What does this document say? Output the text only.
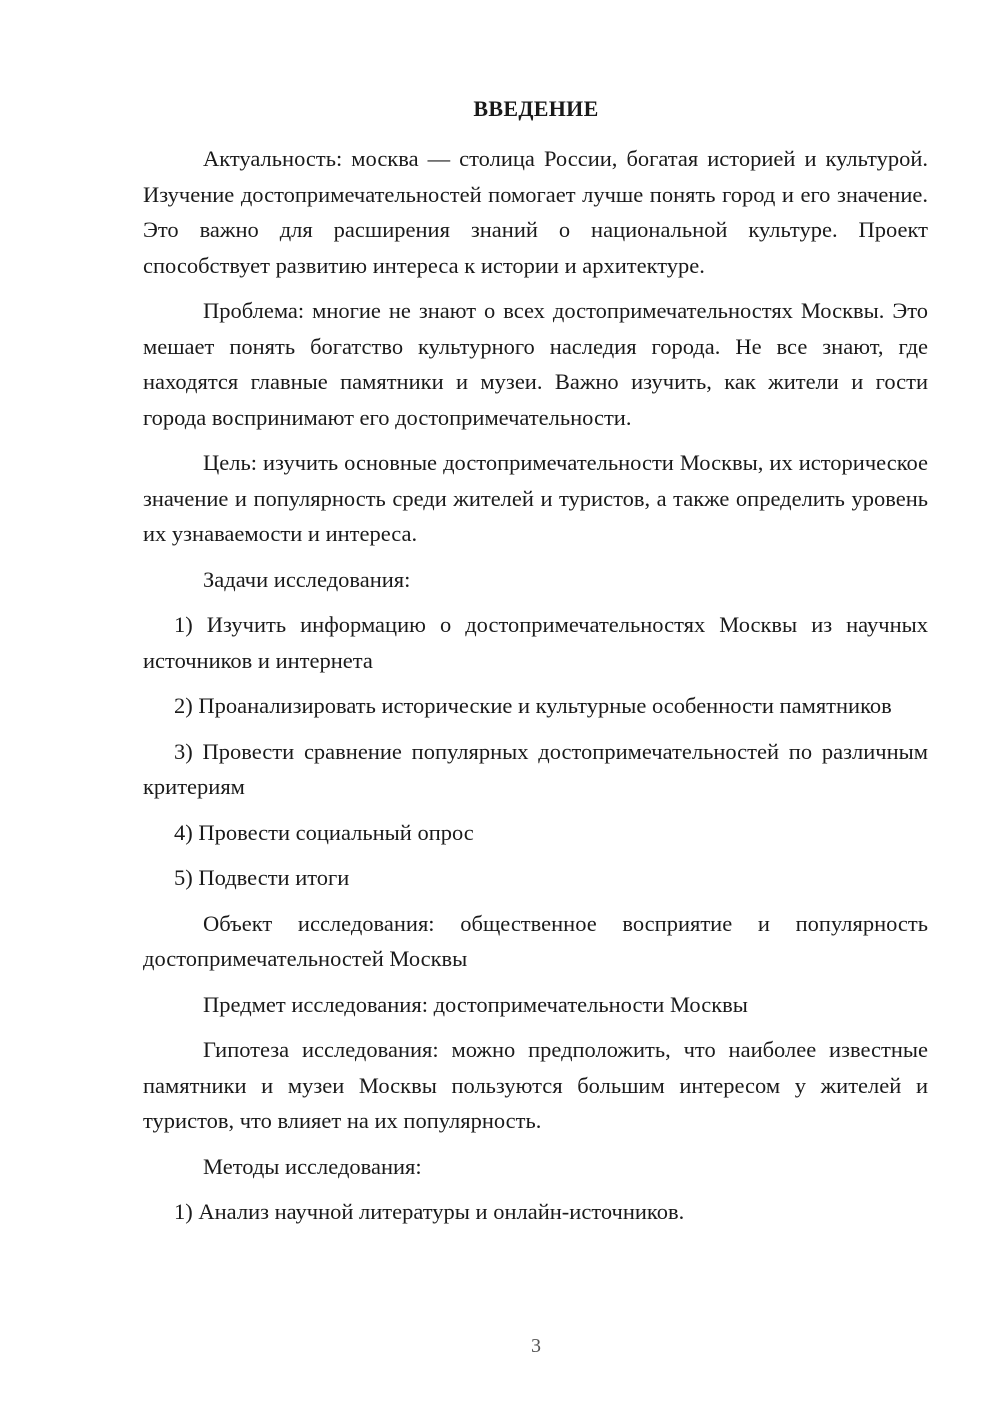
ВВЕДЕНИЕ

Актуальность: москва — столица России, богатая историей и культурой. Изучение достопримечательностей помогает лучше понять город и его значение. Это важно для расширения знаний о национальной культуре. Проект способствует развитию интереса к истории и архитектуре.

Проблема: многие не знают о всех достопримечательностях Москвы. Это мешает понять богатство культурного наследия города. Не все знают, где находятся главные памятники и музеи. Важно изучить, как жители и гости города воспринимают его достопримечательности.

Цель: изучить основные достопримечательности Москвы, их историческое значение и популярность среди жителей и туристов, а также определить уровень их узнаваемости и интереса.

Задачи исследования:

1) Изучить информацию о достопримечательностях Москвы из научных источников и интернета

2) Проанализировать исторические и культурные особенности памятников

3) Провести сравнение популярных достопримечательностей по различным критериям

4) Провести социальный опрос

5) Подвести итоги

Объект исследования: общественное восприятие и популярность достопримечательностей Москвы

Предмет исследования: достопримечательности Москвы

Гипотеза исследования: можно предположить, что наиболее известные памятники и музеи Москвы пользуются большим интересом у жителей и туристов, что влияет на их популярность.

Методы исследования:

1) Анализ научной литературы и онлайн-источников.

3
